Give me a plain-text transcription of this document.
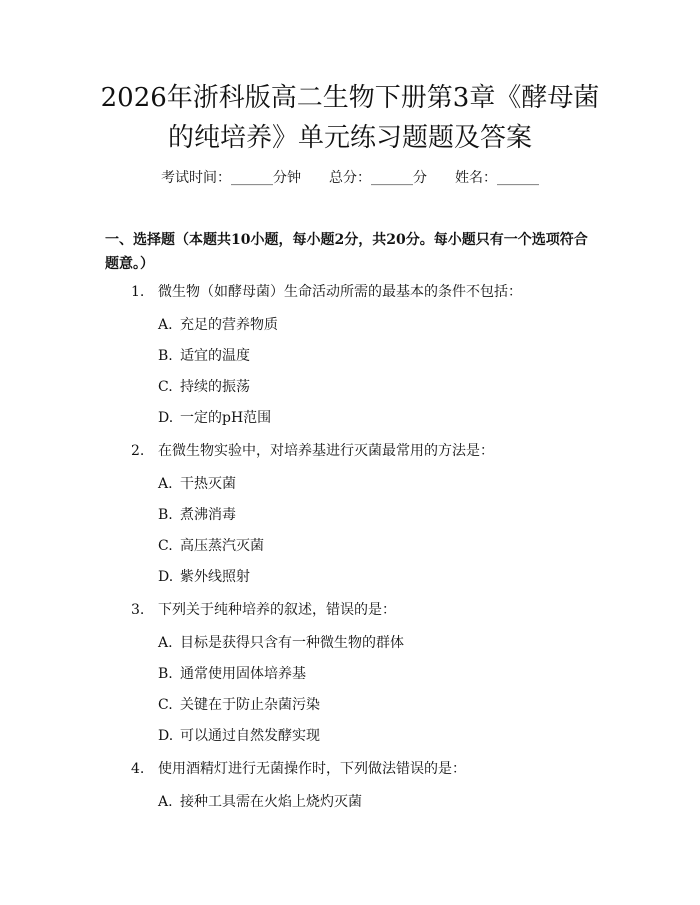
2026年浙科版高二生物下册第3章《酵母菌
的纯培养》单元练习题题及答案
考试时间：______分钟 总分：______分 姓名：______

一、选择题（本题共10小题，每小题2分，共20分。每小题只有一个选项符合题意。）

1. 微生物（如酵母菌）生命活动所需的最基本的条件不包括：
A. 充足的营养物质
B. 适宜的温度
C. 持续的振荡
D. 一定的pH范围
2. 在微生物实验中，对培养基进行灭菌最常用的方法是：
A. 干热灭菌
B. 煮沸消毒
C. 高压蒸汽灭菌
D. 紫外线照射
3. 下列关于纯种培养的叙述，错误的是：
A. 目标是获得只含有一种微生物的群体
B. 通常使用固体培养基
C. 关键在于防止杂菌污染
D. 可以通过自然发酵实现
4. 使用酒精灯进行无菌操作时，下列做法错误的是：
A. 接种工具需在火焰上烧灼灭菌
